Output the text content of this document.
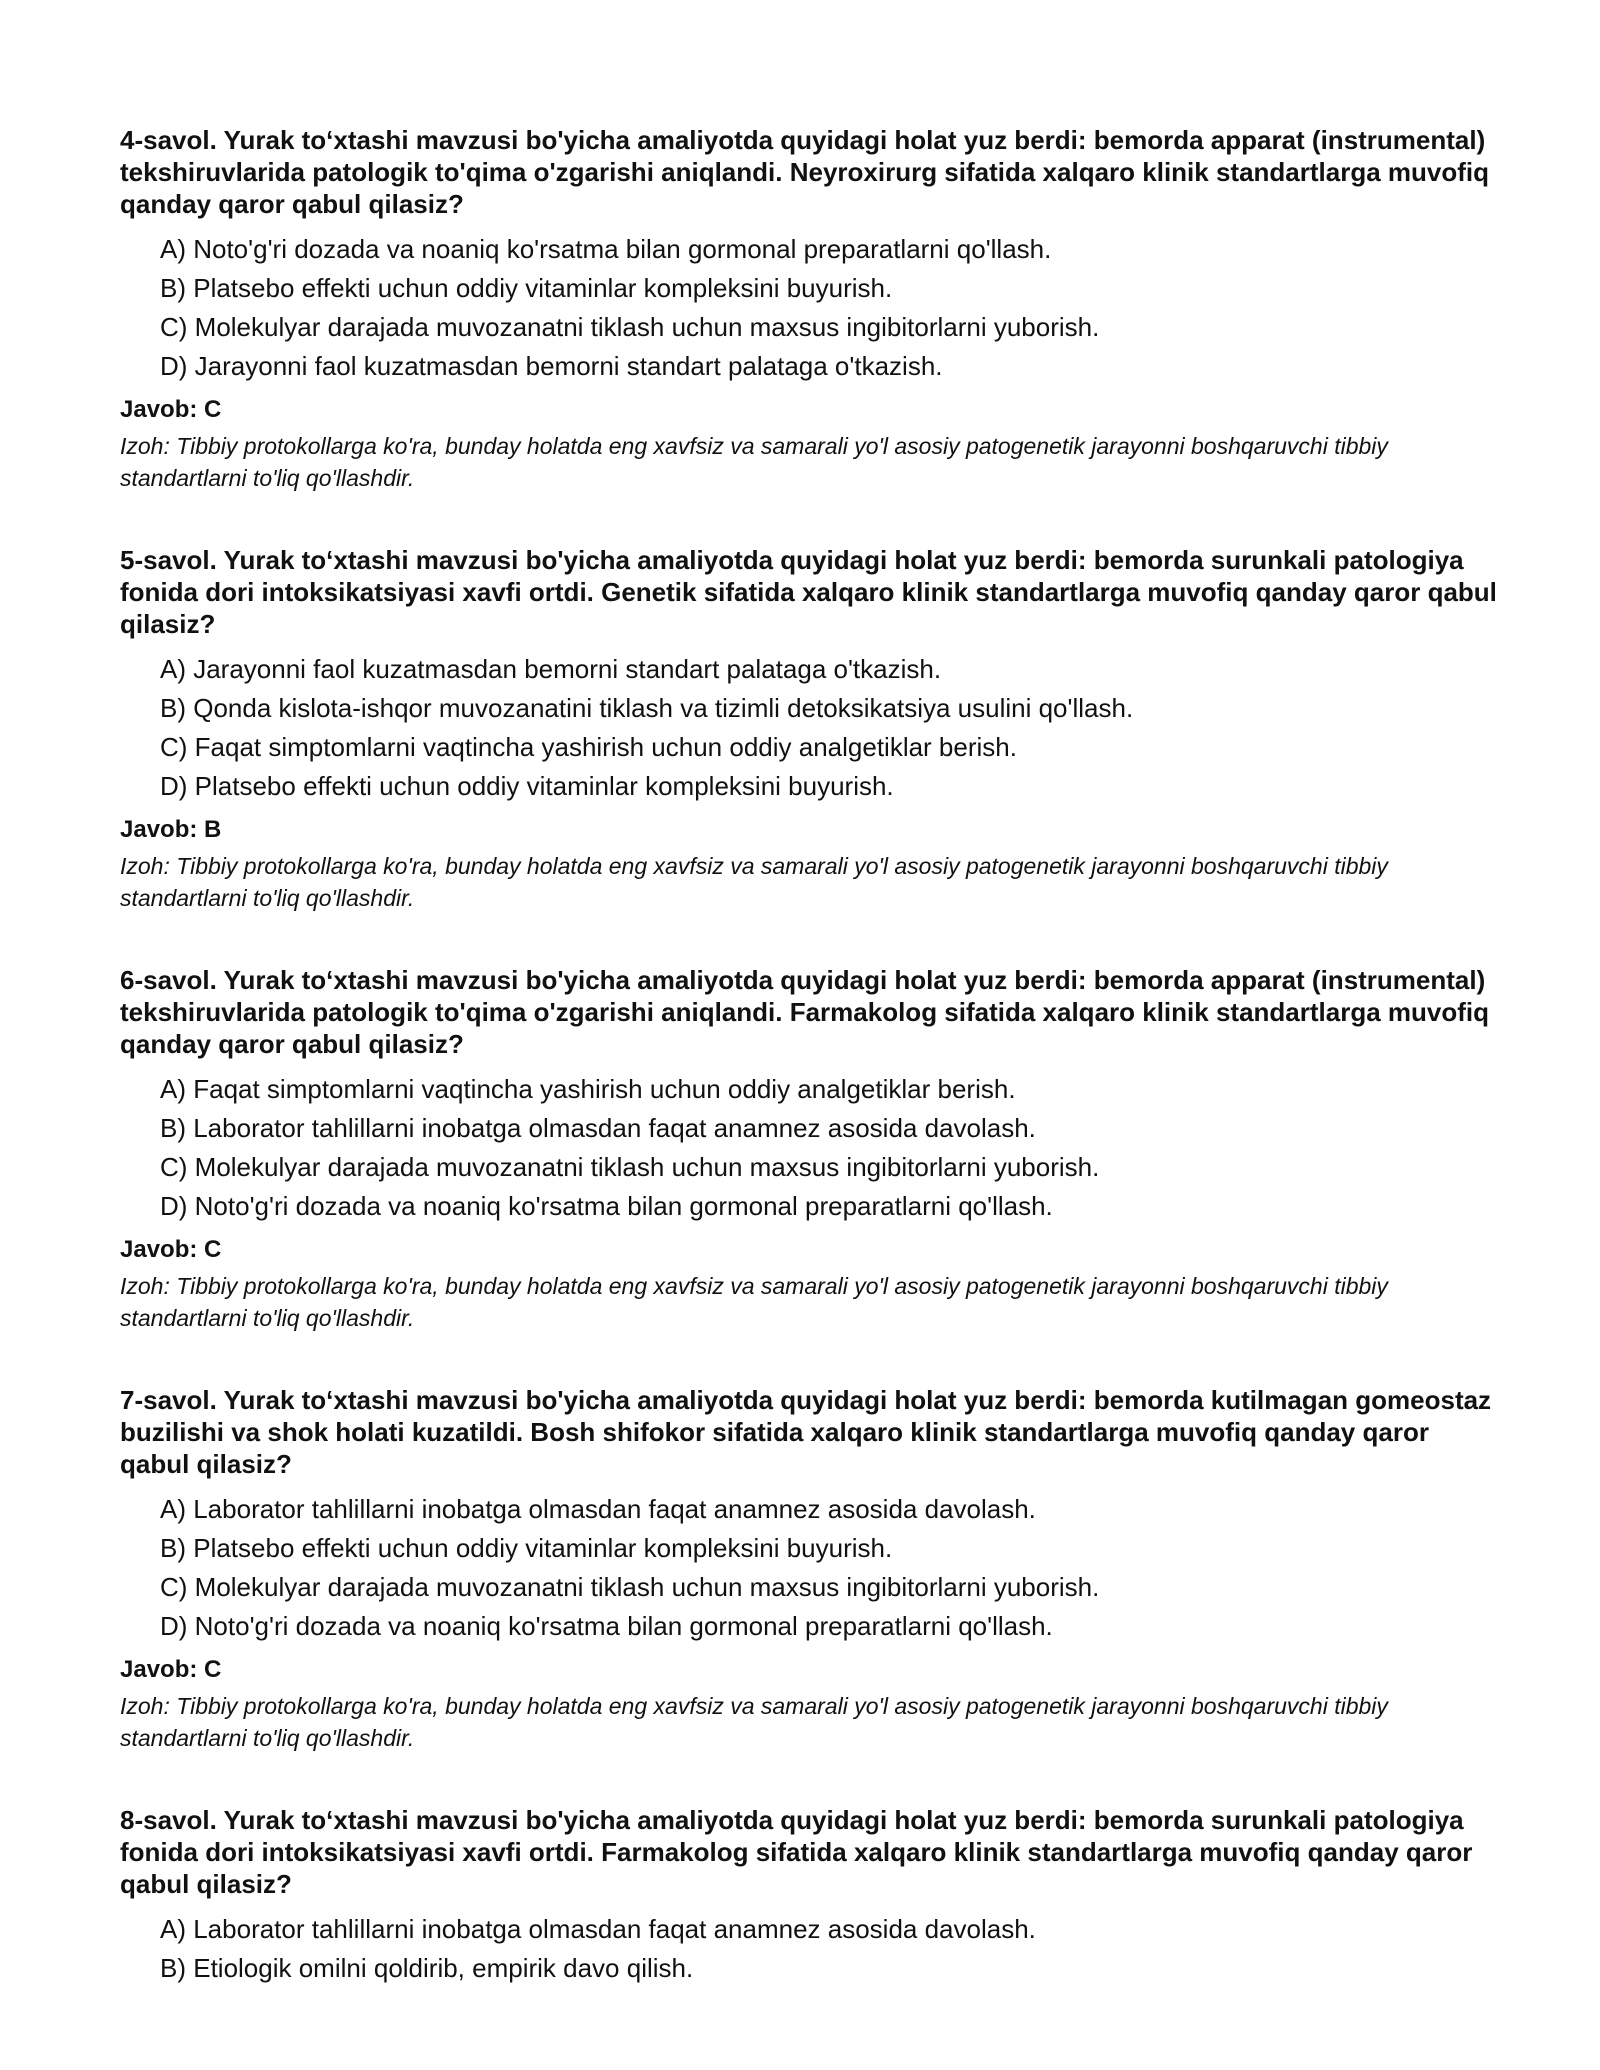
4-savol. Yurak to‘xtashi mavzusi bo'yicha amaliyotda quyidagi holat yuz berdi: bemorda apparat (instrumental) tekshiruvlarida patologik to'qima o'zgarishi aniqlandi. Neyroxirurg sifatida xalqaro klinik standartlarga muvofiq qanday qaror qabul qilasiz?

A) Noto'g'ri dozada va noaniq ko'rsatma bilan gormonal preparatlarni qo'llash.
B) Platsebo effekti uchun oddiy vitaminlar kompleksini buyurish.
C) Molekulyar darajada muvozanatni tiklash uchun maxsus ingibitorlarni yuborish.
D) Jarayonni faol kuzatmasdan bemorni standart palataga o'tkazish.

Javob: C

Izoh: Tibbiy protokollarga ko'ra, bunday holatda eng xavfsiz va samarali yo'l asosiy patogenetik jarayonni boshqaruvchi tibbiy standartlarni to'liq qo'llashdir.

5-savol. Yurak to‘xtashi mavzusi bo'yicha amaliyotda quyidagi holat yuz berdi: bemorda surunkali patologiya fonida dori intoksikatsiyasi xavfi ortdi. Genetik sifatida xalqaro klinik standartlarga muvofiq qanday qaror qabul qilasiz?

A) Jarayonni faol kuzatmasdan bemorni standart palataga o'tkazish.
B) Qonda kislota-ishqor muvozanatini tiklash va tizimli detoksikatsiya usulini qo'llash.
C) Faqat simptomlarni vaqtincha yashirish uchun oddiy analgetiklar berish.
D) Platsebo effekti uchun oddiy vitaminlar kompleksini buyurish.

Javob: B

Izoh: Tibbiy protokollarga ko'ra, bunday holatda eng xavfsiz va samarali yo'l asosiy patogenetik jarayonni boshqaruvchi tibbiy standartlarni to'liq qo'llashdir.

6-savol. Yurak to‘xtashi mavzusi bo'yicha amaliyotda quyidagi holat yuz berdi: bemorda apparat (instrumental) tekshiruvlarida patologik to'qima o'zgarishi aniqlandi. Farmakolog sifatida xalqaro klinik standartlarga muvofiq qanday qaror qabul qilasiz?

A) Faqat simptomlarni vaqtincha yashirish uchun oddiy analgetiklar berish.
B) Laborator tahlillarni inobatga olmasdan faqat anamnez asosida davolash.
C) Molekulyar darajada muvozanatni tiklash uchun maxsus ingibitorlarni yuborish.
D) Noto'g'ri dozada va noaniq ko'rsatma bilan gormonal preparatlarni qo'llash.

Javob: C

Izoh: Tibbiy protokollarga ko'ra, bunday holatda eng xavfsiz va samarali yo'l asosiy patogenetik jarayonni boshqaruvchi tibbiy standartlarni to'liq qo'llashdir.

7-savol. Yurak to‘xtashi mavzusi bo'yicha amaliyotda quyidagi holat yuz berdi: bemorda kutilmagan gomeostaz buzilishi va shok holati kuzatildi. Bosh shifokor sifatida xalqaro klinik standartlarga muvofiq qanday qaror qabul qilasiz?

A) Laborator tahlillarni inobatga olmasdan faqat anamnez asosida davolash.
B) Platsebo effekti uchun oddiy vitaminlar kompleksini buyurish.
C) Molekulyar darajada muvozanatni tiklash uchun maxsus ingibitorlarni yuborish.
D) Noto'g'ri dozada va noaniq ko'rsatma bilan gormonal preparatlarni qo'llash.

Javob: C

Izoh: Tibbiy protokollarga ko'ra, bunday holatda eng xavfsiz va samarali yo'l asosiy patogenetik jarayonni boshqaruvchi tibbiy standartlarni to'liq qo'llashdir.

8-savol. Yurak to‘xtashi mavzusi bo'yicha amaliyotda quyidagi holat yuz berdi: bemorda surunkali patologiya fonida dori intoksikatsiyasi xavfi ortdi. Farmakolog sifatida xalqaro klinik standartlarga muvofiq qanday qaror qabul qilasiz?

A) Laborator tahlillarni inobatga olmasdan faqat anamnez asosida davolash.
B) Etiologik omilni qoldirib, empirik davo qilish.
